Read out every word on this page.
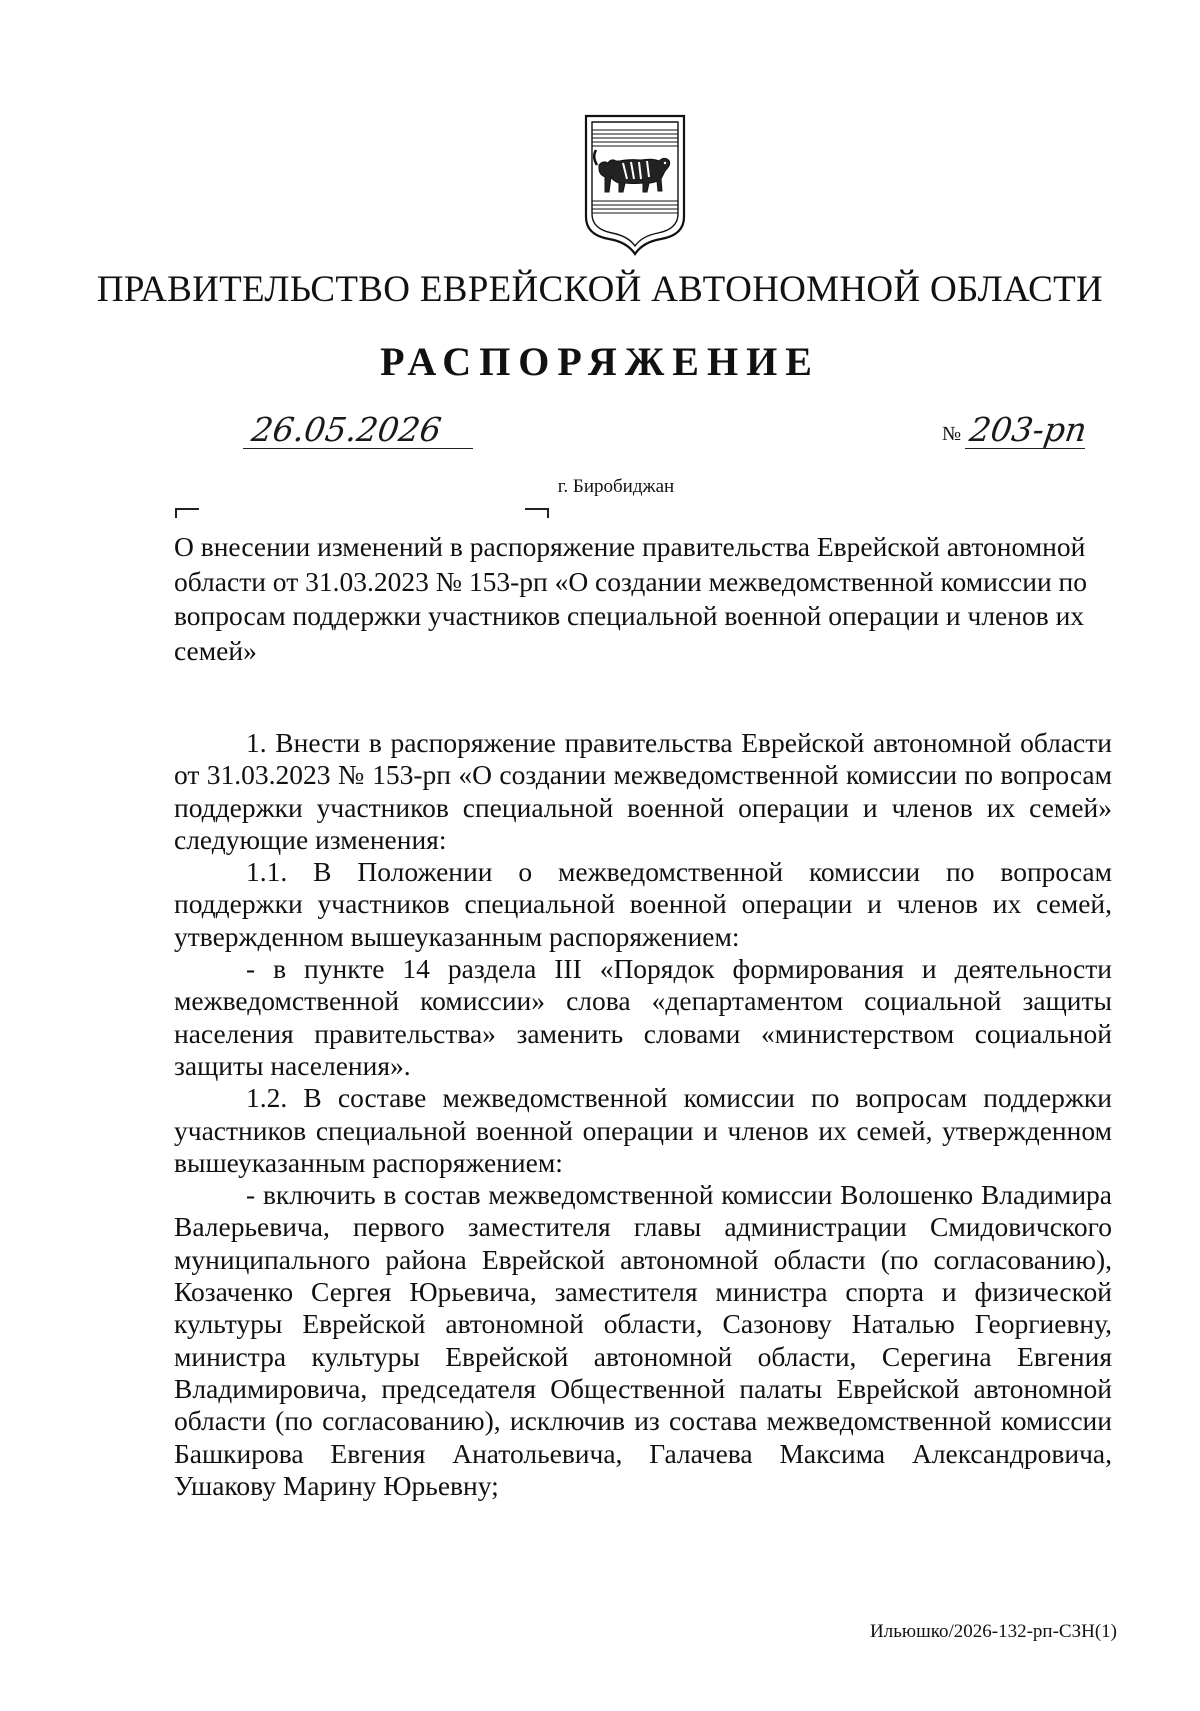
ПРАВИТЕЛЬСТВО ЕВРЕЙСКОЙ АВТОНОМНОЙ ОБЛАСТИ
РАСПОРЯЖЕНИЕ
26.05.2026	№ 203-рп
г. Биробиджан
О внесении изменений в распоряжение правительства Еврейской автономной области от 31.03.2023 № 153-рп «О создании межведомственной комиссии по вопросам поддержки участников специальной военной операции и членов их семей»

1. Внести в распоряжение правительства Еврейской автономной области от 31.03.2023 № 153-рп «О создании межведомственной комиссии по вопросам поддержки участников специальной военной операции и членов их семей» следующие изменения:

1.1. В Положении о межведомственной комиссии по вопросам поддержки участников специальной военной операции и членов их семей, утвержденном вышеуказанным распоряжением:

- в пункте 14 раздела III «Порядок формирования и деятельности межведомственной комиссии» слова «департаментом социальной защиты населения правительства» заменить словами «министерством социальной защиты населения».

1.2. В составе межведомственной комиссии по вопросам поддержки участников специальной военной операции и членов их семей, утвержденном вышеуказанным распоряжением:

- включить в состав межведомственной комиссии Волошенко Владимира Валерьевича, первого заместителя главы администрации Смидовичского муниципального района Еврейской автономной области (по согласованию), Козаченко Сергея Юрьевича, заместителя министра спорта и физической культуры Еврейской автономной области, Сазонову Наталью Георгиевну, министра культуры Еврейской автономной области, Серегина Евгения Владимировича, председателя Общественной палаты Еврейской автономной области (по согласованию), исключив из состава межведомственной комиссии Башкирова Евгения Анатольевича, Галачева Максима Александровича, Ушакову Марину Юрьевну;

Ильюшко/2026-132-рп-СЗН(1)
